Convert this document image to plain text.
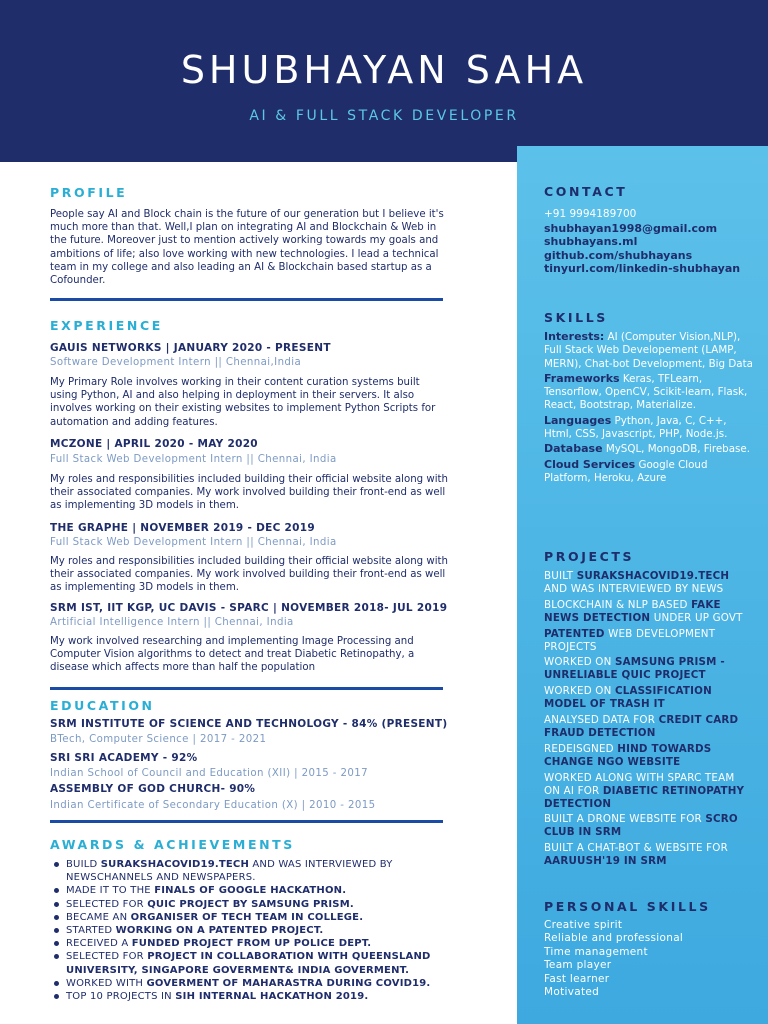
SHUBHAYAN SAHA
AI & FULL STACK DEVELOPER
CONTACT
+91 9994189700
shubhayan1998@gmail.com
shubhayans.ml
github.com/shubhayans
tinyurl.com/linkedin-shubhayan
SKILLS

Interests: AI (Computer Vision,NLP), Full Stack Web Developement (LAMP, MERN), Chat-bot Development, Big Data

Frameworks Keras, TFLearn, Tensorflow, OpenCV, Scikit-learn, Flask, React, Bootstrap, Materialize.

Languages Python, Java, C, C++, Html, CSS, Javascript, PHP, Node.js.

Database MySQL, MongoDB, Firebase.

Cloud Services Google Cloud Platform, Heroku, Azure

PROJECTS

BUILT SURAKSHACOVID19.TECH AND WAS INTERVIEWED BY NEWS

BLOCKCHAIN & NLP BASED FAKE NEWS DETECTION UNDER UP GOVT

PATENTED WEB DEVELOPMENT PROJECTS

WORKED ON SAMSUNG PRISM - UNRELIABLE QUIC PROJECT

WORKED ON CLASSIFICATION MODEL OF TRASH IT

ANALYSED DATA FOR CREDIT CARD FRAUD DETECTION

REDEISGNED HIND TOWARDS CHANGE NGO WEBSITE

WORKED ALONG WITH SPARC TEAM ON AI FOR DIABETIC RETINOPATHY DETECTION

BUILT A DRONE WEBSITE FOR SCRO CLUB IN SRM

BUILT A CHAT-BOT & WEBSITE FOR AARUUSH'19 IN SRM

PERSONAL SKILLS
Creative spirit
Reliable and professional
Time management
Team player
Fast learner
Motivated
PROFILE
People say AI and Block chain is the future of our generation but I believe it's much more than that. Well,I plan on integrating AI and Blockchain & Web in the future. Moreover just to mention actively working towards my goals and ambitions of life; also love working with new technologies. I lead a technical team in my college and also leading an AI & Blockchain based startup as a Cofounder.
EXPERIENCE
GAUIS NETWORKS | JANUARY 2020 - PRESENT
Software Development Intern || Chennai,India
My Primary Role involves working in their content curation systems built using Python, AI and also helping in deployment in their servers. It also involves working on their existing websites to implement Python Scripts for automation and adding features.
MCZONE | APRIL 2020 - MAY 2020
Full Stack Web Development Intern || Chennai, India
My roles and responsibilities included building their official website along with their associated companies. My work involved building their front-end as well as implementing 3D models in them.
THE GRAPHE | NOVEMBER 2019 - DEC 2019
Full Stack Web Development Intern || Chennai, India
My roles and responsibilities included building their official website along with their associated companies. My work involved building their front-end as well as implementing 3D models in them.
SRM IST, IIT KGP, UC DAVIS - SPARC | NOVEMBER 2018- JUL 2019
Artificial Intelligence Intern || Chennai, India
My work involved researching and implementing Image Processing and Computer Vision algorithms to detect and treat Diabetic Retinopathy, a disease which affects more than half the population
EDUCATION
SRM INSTITUTE OF SCIENCE AND TECHNOLOGY - 84% (PRESENT)
BTech, Computer Science | 2017 - 2021
SRI SRI ACADEMY - 92%
Indian School of Council and Education (XII) | 2015 - 2017
ASSEMBLY OF GOD CHURCH- 90%
Indian Certificate of Secondary Education (X) | 2010 - 2015
AWARDS & ACHIEVEMENTS
BUILD SURAKSHACOVID19.TECH AND WAS INTERVIEWED BY NEWSCHANNELS AND NEWSPAPERS.
MADE IT TO THE FINALS OF GOOGLE HACKATHON.
SELECTED FOR QUIC PROJECT BY SAMSUNG PRISM.
BECAME AN ORGANISER OF TECH TEAM IN COLLEGE.
STARTED WORKING ON A PATENTED PROJECT.
RECEIVED A FUNDED PROJECT FROM UP POLICE DEPT.
SELECTED FOR PROJECT IN COLLABORATION WITH QUEENSLAND UNIVERSITY, SINGAPORE GOVERMENT& INDIA GOVERMENT.
WORKED WITH GOVERMENT OF MAHARASTRA DURING COVID19.
TOP 10 PROJECTS IN SIH INTERNAL HACKATHON 2019.
